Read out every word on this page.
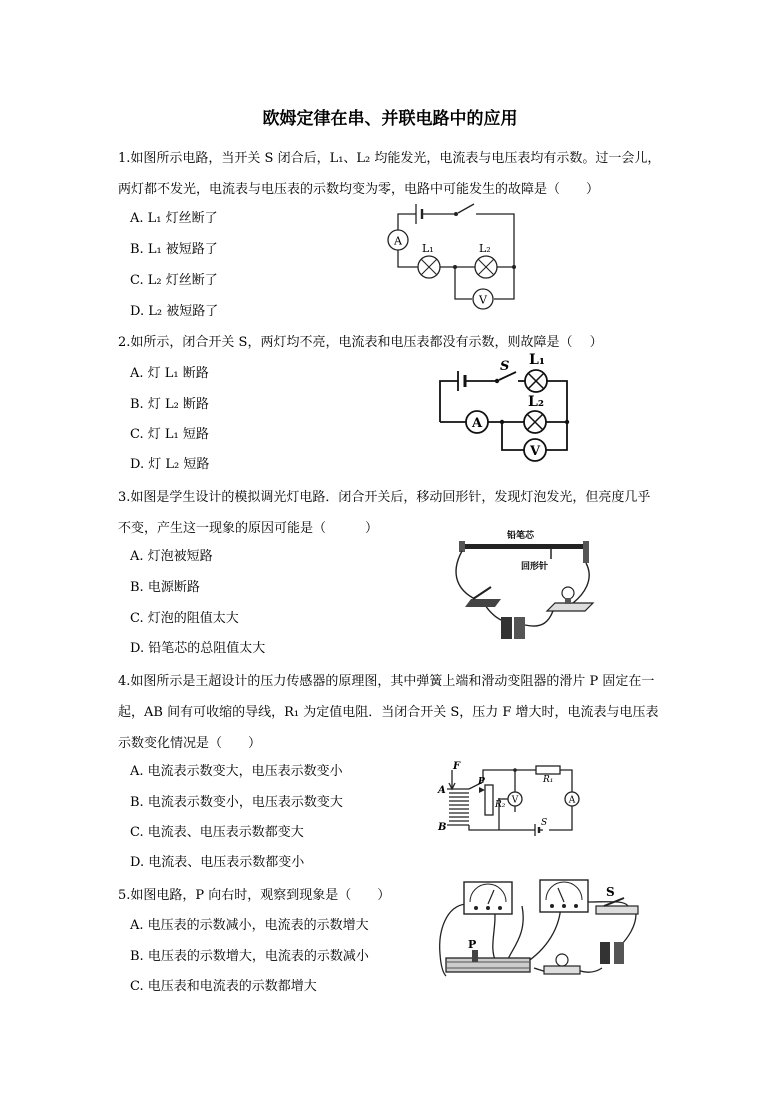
欧姆定律在串、并联电路中的应用
1.如图所示电路，当开关 S 闭合后，L₁、L₂ 均能发光，电流表与电压表均有示数。过一会儿，两灯都不发光，电流表与电压表的示数均变为零，电路中可能发生的故障是（　　）
A. L₁ 灯丝断了
B. L₁ 被短路了
C. L₂ 灯丝断了
D. L₂ 被短路了
A
L₁	L₂
V
2.如所示，闭合开关 S，两灯均不亮，电流表和电压表都没有示数，则故障是（　 ）
A. 灯 L₁ 断路
B. 灯 L₂ 断路
C. 灯 L₁ 短路
D. 灯 L₂ 短路
S L₁
L₂
A
V
3.如图是学生设计的模拟调光灯电路．闭合开关后，移动回形针，发现灯泡发光，但亮度几乎不变，产生这一现象的原因可能是（　　　）
A. 灯泡被短路
B. 电源断路
C. 灯泡的阻值太大
D. 铅笔芯的总阻值太大
铅笔芯
回形针
4.如图所示是王超设计的压力传感器的原理图，其中弹簧上端和滑动变阻器的滑片 P 固定在一起，AB 间有可收缩的导线，R₁ 为定值电阻．当闭合开关 S，压力 F 增大时，电流表与电压表示数变化情况是（　　）
A. 电流表示数变大，电压表示数变小
B. 电流表示数变小，电压表示数变大
C. 电流表、电压表示数都变大
D. 电流表、电压表示数都变小
F
A
B
P
R₂
R₁
S
V	A
5.如图电路，P 向右时，观察到现象是（　　）
A. 电压表的示数减小，电流表的示数增大
B. 电压表的示数增大，电流表的示数减小
C. 电压表和电流表的示数都增大
S
P
